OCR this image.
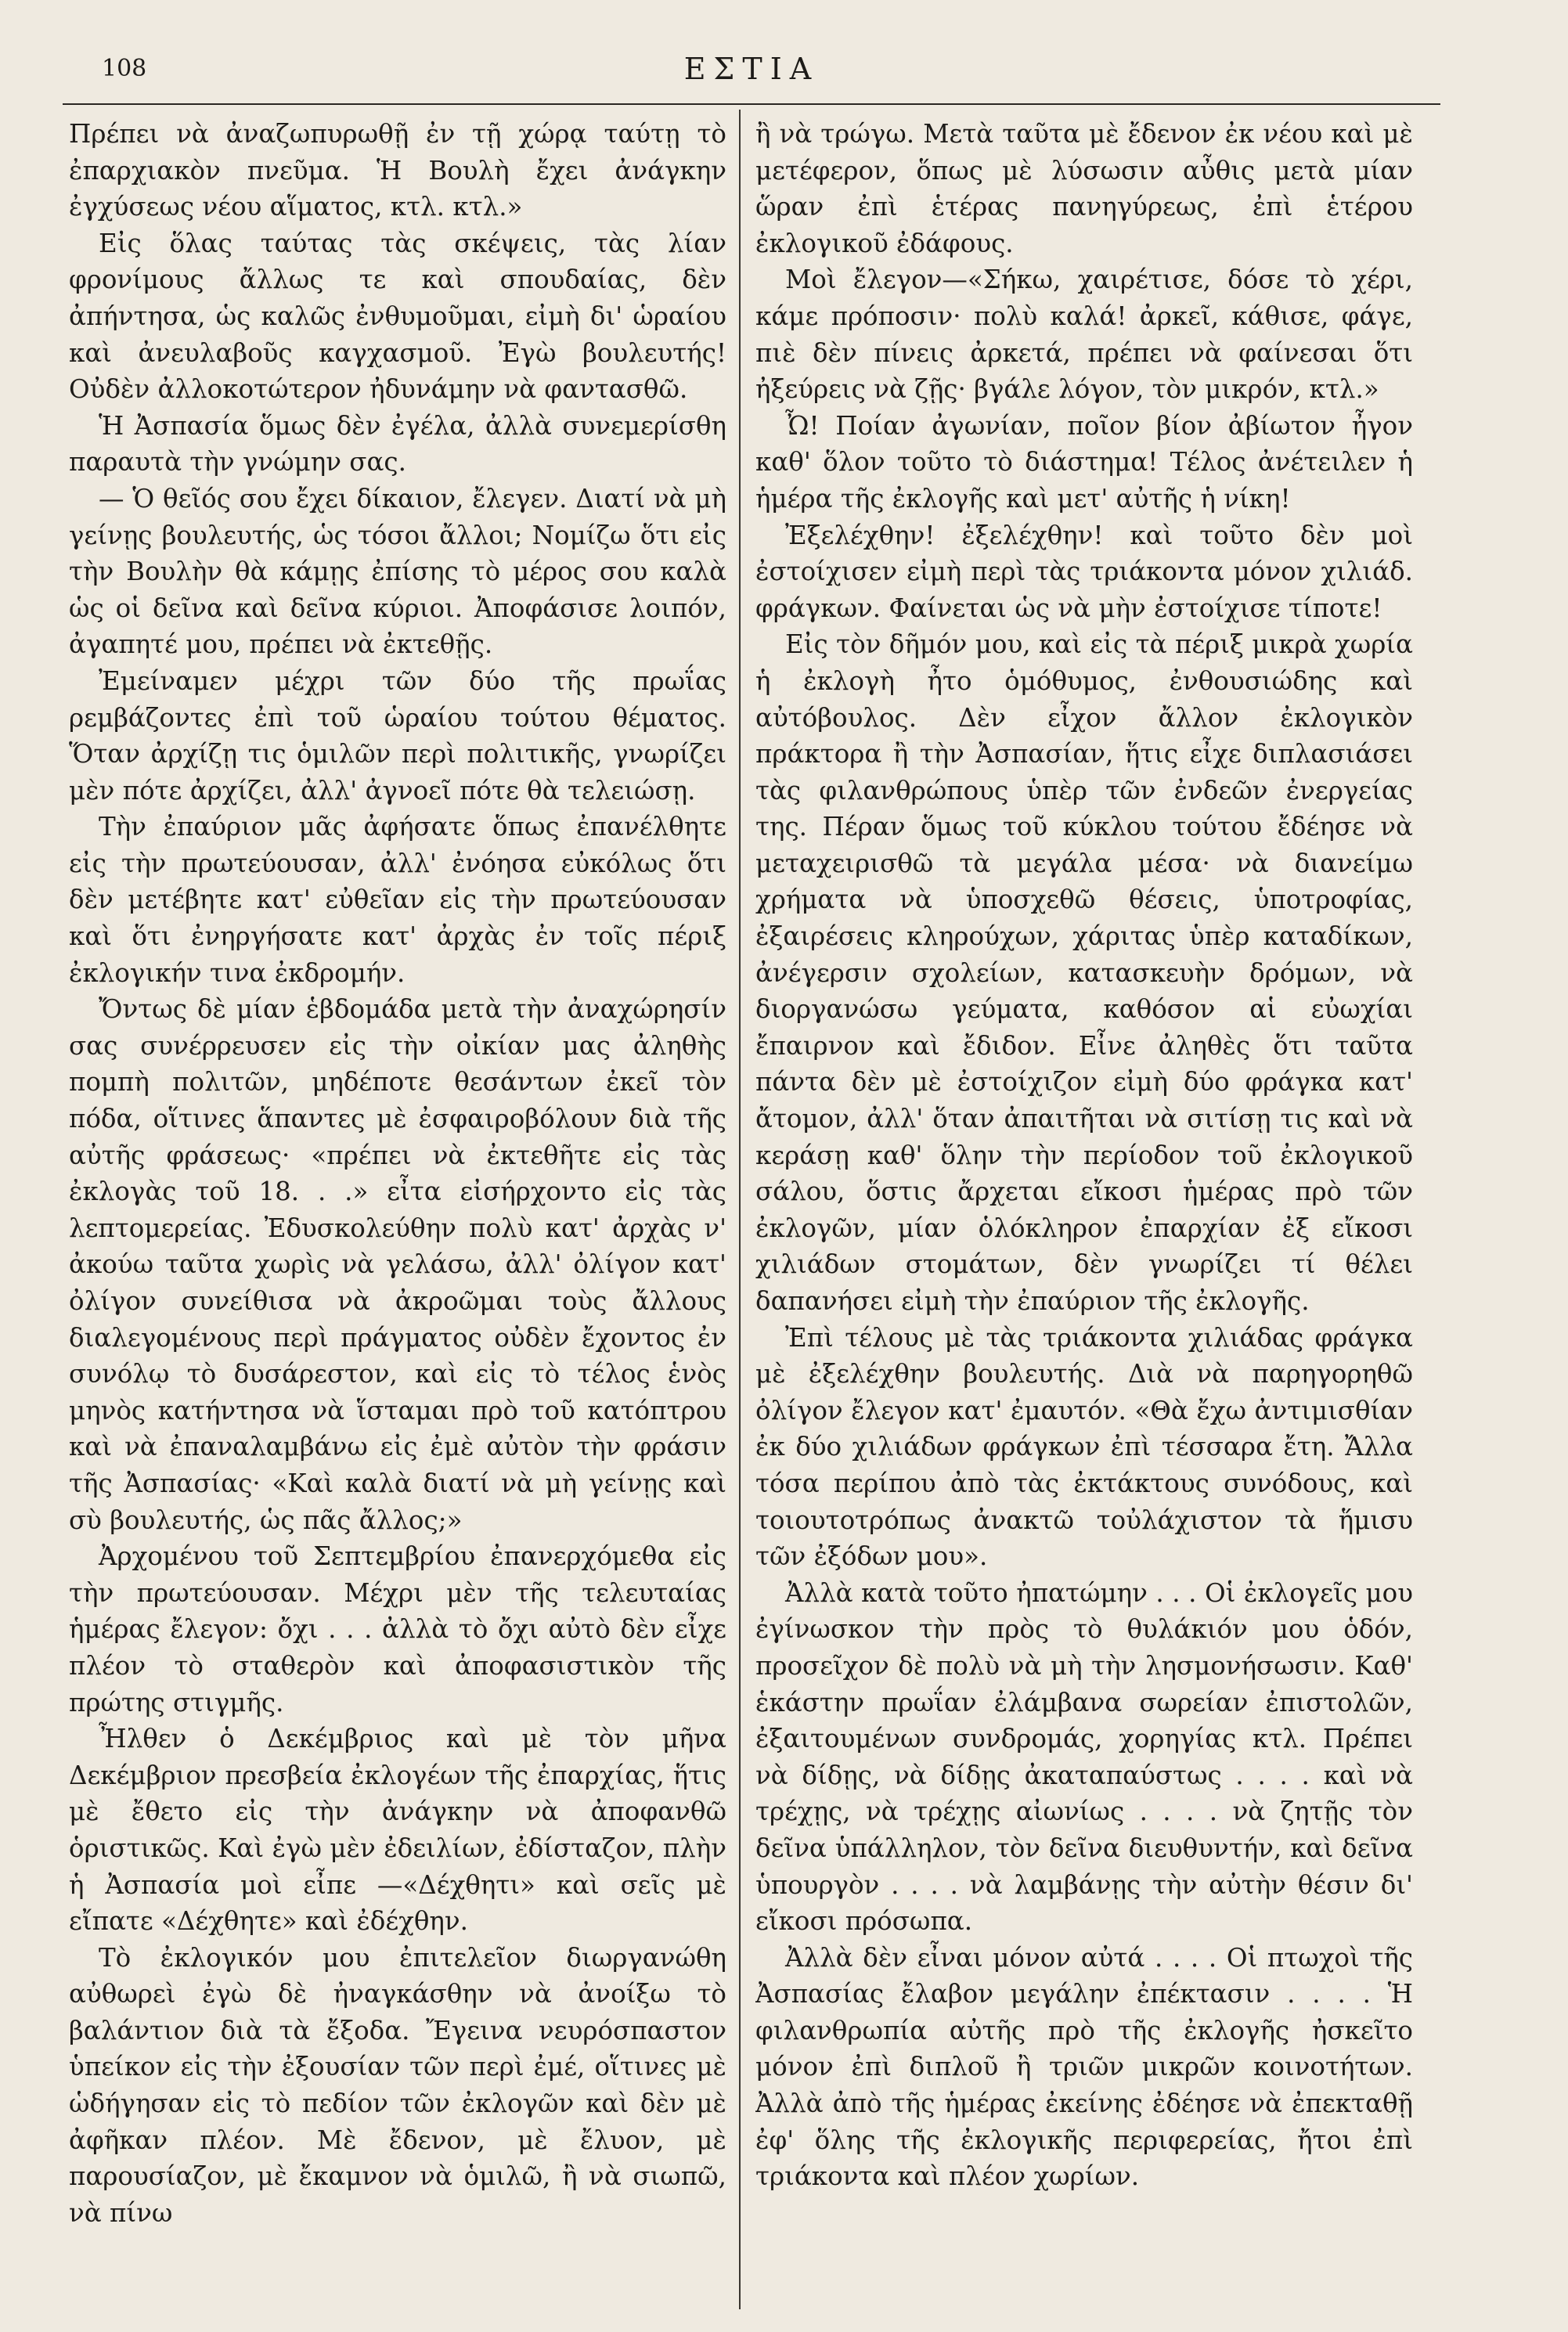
108	ΕΣΤΙΑ

Πρέπει νὰ ἀναζωπυρωθῇ ἐν τῇ χώρᾳ ταύτῃ τὸ ἐπαρχιακὸν πνεῦμα. Ἡ Βουλὴ ἔχει ἀνάγκην ἐγχύσεως νέου αἵματος, κτλ. κτλ.»

Εἰς ὅλας ταύτας τὰς σκέψεις, τὰς λίαν φρονίμους ἄλλως τε καὶ σπουδαίας, δὲν ἀπήντησα, ὡς καλῶς ἐνθυμοῦμαι, εἰμὴ δι' ὡραίου καὶ ἀνευλαβοῦς καγχασμοῦ. Ἐγὼ βουλευτής! Οὐδὲν ἀλλοκοτώτερον ἠδυνάμην νὰ φαντασθῶ.

Ἡ Ἀσπασία ὅμως δὲν ἐγέλα, ἀλλὰ συνεμερίσθη παραυτὰ τὴν γνώμην σας.

— Ὁ θεῖός σου ἔχει δίκαιον, ἔλεγεν. Διατί νὰ μὴ γείνῃς βουλευτής, ὡς τόσοι ἄλλοι; Νομίζω ὅτι εἰς τὴν Βουλὴν θὰ κάμῃς ἐπίσης τὸ μέρος σου καλὰ ὡς οἱ δεῖνα καὶ δεῖνα κύριοι. Ἀποφάσισε λοιπόν, ἀγαπητέ μου, πρέπει νὰ ἐκτεθῇς.

Ἐμείναμεν μέχρι τῶν δύο τῆς πρωΐας ρεμβάζοντες ἐπὶ τοῦ ὡραίου τούτου θέματος. Ὅταν ἀρχίζῃ τις ὁμιλῶν περὶ πολιτικῆς, γνωρίζει μὲν πότε ἀρχίζει, ἀλλ' ἀγνοεῖ πότε θὰ τελειώσῃ.

Τὴν ἐπαύριον μᾶς ἀφήσατε ὅπως ἐπανέλθητε εἰς τὴν πρωτεύουσαν, ἀλλ' ἐνόησα εὐκόλως ὅτι δὲν μετέβητε κατ' εὐθεῖαν εἰς τὴν πρωτεύουσαν καὶ ὅτι ἐνηργήσατε κατ' ἀρχὰς ἐν τοῖς πέριξ ἐκλογικήν τινα ἐκδρομήν.

Ὄντως δὲ μίαν ἑβδομάδα μετὰ τὴν ἀναχώρησίν σας συνέρρευσεν εἰς τὴν οἰκίαν μας ἀληθὴς πομπὴ πολιτῶν, μηδέποτε θεσάντων ἐκεῖ τὸν πόδα, οἵτινες ἅπαντες μὲ ἐσφαιροβόλουν διὰ τῆς αὐτῆς φράσεως· «πρέπει νὰ ἐκτεθῆτε εἰς τὰς ἐκλογὰς τοῦ 18. . .» εἶτα εἰσήρχοντο εἰς τὰς λεπτομερείας. Ἐδυσκολεύθην πολὺ κατ' ἀρχὰς ν' ἀκούω ταῦτα χωρὶς νὰ γελάσω, ἀλλ' ὀλίγον κατ' ὀλίγον συνείθισα νὰ ἀκροῶμαι τοὺς ἄλλους διαλεγομένους περὶ πράγματος οὐδὲν ἔχοντος ἐν συνόλῳ τὸ δυσάρεστον, καὶ εἰς τὸ τέλος ἑνὸς μηνὸς κατήντησα νὰ ἵσταμαι πρὸ τοῦ κατόπτρου καὶ νὰ ἐπαναλαμβάνω εἰς ἐμὲ αὐτὸν τὴν φράσιν τῆς Ἀσπασίας· «Καὶ καλὰ διατί νὰ μὴ γείνῃς καὶ σὺ βουλευτής, ὡς πᾶς ἄλλος;»

Ἀρχομένου τοῦ Σεπτεμβρίου ἐπανερχόμεθα εἰς τὴν πρωτεύουσαν. Μέχρι μὲν τῆς τελευταίας ἡμέρας ἔλεγον: ὄχι . . . ἀλλὰ τὸ ὄχι αὐτὸ δὲν εἶχε πλέον τὸ σταθερὸν καὶ ἀποφασιστικὸν τῆς πρώτης στιγμῆς.

Ἦλθεν ὁ Δεκέμβριος καὶ μὲ τὸν μῆνα Δεκέμβριον πρεσβεία ἐκλογέων τῆς ἐπαρχίας, ἥτις μὲ ἔθετο εἰς τὴν ἀνάγκην νὰ ἀποφανθῶ ὁριστικῶς. Καὶ ἐγὼ μὲν ἐδειλίων, ἐδίσταζον, πλὴν ἡ Ἀσπασία μοὶ εἶπε —«Δέχθητι» καὶ σεῖς μὲ εἴπατε «Δέχθητε» καὶ ἐδέχθην.

Τὸ ἐκλογικόν μου ἐπιτελεῖον διωργανώθη αὐθωρεὶ ἐγὼ δὲ ἠναγκάσθην νὰ ἀνοίξω τὸ βαλάντιον διὰ τὰ ἔξοδα. Ἔγεινα νευρόσπαστον ὑπείκον εἰς τὴν ἐξουσίαν τῶν περὶ ἐμέ, οἵτινες μὲ ὡδήγησαν εἰς τὸ πεδίον τῶν ἐκλογῶν καὶ δὲν μὲ ἀφῆκαν πλέον. Μὲ ἔδενον, μὲ ἔλυον, μὲ παρουσίαζον, μὲ ἔκαμνον νὰ ὁμιλῶ, ἢ νὰ σιωπῶ, νὰ πίνω

ἢ νὰ τρώγω. Μετὰ ταῦτα μὲ ἔδενον ἐκ νέου καὶ μὲ μετέφερον, ὅπως μὲ λύσωσιν αὖθις μετὰ μίαν ὥραν ἐπὶ ἑτέρας πανηγύρεως, ἐπὶ ἑτέρου ἐκλογικοῦ ἐδάφους.

Μοὶ ἔλεγον—«Σήκω, χαιρέτισε, δόσε τὸ χέρι, κάμε πρόποσιν· πολὺ καλά! ἀρκεῖ, κάθισε, φάγε, πιὲ δὲν πίνεις ἀρκετά, πρέπει νὰ φαίνεσαι ὅτι ἠξεύρεις νὰ ζῇς· βγάλε λόγον, τὸν μικρόν, κτλ.»

Ὦ! Ποίαν ἀγωνίαν, ποῖον βίον ἀβίωτον ἦγον καθ' ὅλον τοῦτο τὸ διάστημα! Τέλος ἀνέτειλεν ἡ ἡμέρα τῆς ἐκλογῆς καὶ μετ' αὐτῆς ἡ νίκη!

Ἐξελέχθην! ἐξελέχθην! καὶ τοῦτο δὲν μοὶ ἐστοίχισεν εἰμὴ περὶ τὰς τριάκοντα μόνον χιλιάδ. φράγκων. Φαίνεται ὡς νὰ μὴν ἐστοίχισε τίποτε!

Εἰς τὸν δῆμόν μου, καὶ εἰς τὰ πέριξ μικρὰ χωρία ἡ ἐκλογὴ ἦτο ὁμόθυμος, ἐνθουσιώδης καὶ αὐτόβουλος. Δὲν εἶχον ἄλλον ἐκλογικὸν πράκτορα ἢ τὴν Ἀσπασίαν, ἥτις εἶχε διπλασιάσει τὰς φιλανθρώπους ὑπὲρ τῶν ἐνδεῶν ἐνεργείας της. Πέραν ὅμως τοῦ κύκλου τούτου ἔδέησε νὰ μεταχειρισθῶ τὰ μεγάλα μέσα· νὰ διανείμω χρήματα νὰ ὑποσχεθῶ θέσεις, ὑποτροφίας, ἐξαιρέσεις κληρούχων, χάριτας ὑπὲρ καταδίκων, ἀνέγερσιν σχολείων, κατασκευὴν δρόμων, νὰ διοργανώσω γεύματα, καθόσον αἱ εὐωχίαι ἔπαιρνον καὶ ἔδιδον. Εἶνε ἀληθὲς ὅτι ταῦτα πάντα δὲν μὲ ἐστοίχιζον εἰμὴ δύο φράγκα κατ' ἄτομον, ἀλλ' ὅταν ἀπαιτῆται νὰ σιτίσῃ τις καὶ νὰ κεράσῃ καθ' ὅλην τὴν περίοδον τοῦ ἐκλογικοῦ σάλου, ὅστις ἄρχεται εἴκοσι ἡμέρας πρὸ τῶν ἐκλογῶν, μίαν ὁλόκληρον ἐπαρχίαν ἐξ εἴκοσι χιλιάδων στομάτων, δὲν γνωρίζει τί θέλει δαπανήσει εἰμὴ τὴν ἐπαύριον τῆς ἐκλογῆς.

Ἐπὶ τέλους μὲ τὰς τριάκοντα χιλιάδας φράγκα μὲ ἐξελέχθην βουλευτής. Διὰ νὰ παρηγορηθῶ ὀλίγον ἔλεγον κατ' ἐμαυτόν. «Θὰ ἔχω ἀντιμισθίαν ἐκ δύο χιλιάδων φράγκων ἐπὶ τέσσαρα ἔτη. Ἄλλα τόσα περίπου ἀπὸ τὰς ἐκτάκτους συνόδους, καὶ τοιουτοτρόπως ἀνακτῶ τοὐλάχιστον τὰ ἥμισυ τῶν ἐξόδων μου».

Ἀλλὰ κατὰ τοῦτο ἠπατώμην . . . Οἱ ἐκλογεῖς μου ἐγίνωσκον τὴν πρὸς τὸ θυλάκιόν μου ὁδόν, προσεῖχον δὲ πολὺ νὰ μὴ τὴν λησμονήσωσιν. Καθ' ἑκάστην πρωΐαν ἐλάμβανα σωρείαν ἐπιστολῶν, ἐξαιτουμένων συνδρομάς, χορηγίας κτλ. Πρέπει νὰ δίδῃς, νὰ δίδῃς ἀκαταπαύστως . . . . καὶ νὰ τρέχῃς, νὰ τρέχῃς αἰωνίως . . . . νὰ ζητῇς τὸν δεῖνα ὑπάλληλον, τὸν δεῖνα διευθυντήν, καὶ δεῖνα ὑπουργὸν . . . . νὰ λαμβάνῃς τὴν αὐτὴν θέσιν δι' εἴκοσι πρόσωπα.

Ἀλλὰ δὲν εἶναι μόνον αὐτά . . . . Οἱ πτωχοὶ τῆς Ἀσπασίας ἔλαβον μεγάλην ἐπέκτασιν . . . . Ἡ φιλανθρωπία αὐτῆς πρὸ τῆς ἐκλογῆς ἠσκεῖτο μόνον ἐπὶ διπλοῦ ἢ τριῶν μικρῶν κοινοτήτων. Ἀλλὰ ἀπὸ τῆς ἡμέρας ἐκείνης ἐδέησε νὰ ἐπεκταθῇ ἐφ' ὅλης τῆς ἐκλογικῆς περιφερείας, ἤτοι ἐπὶ τριάκοντα καὶ πλέον χωρίων.
